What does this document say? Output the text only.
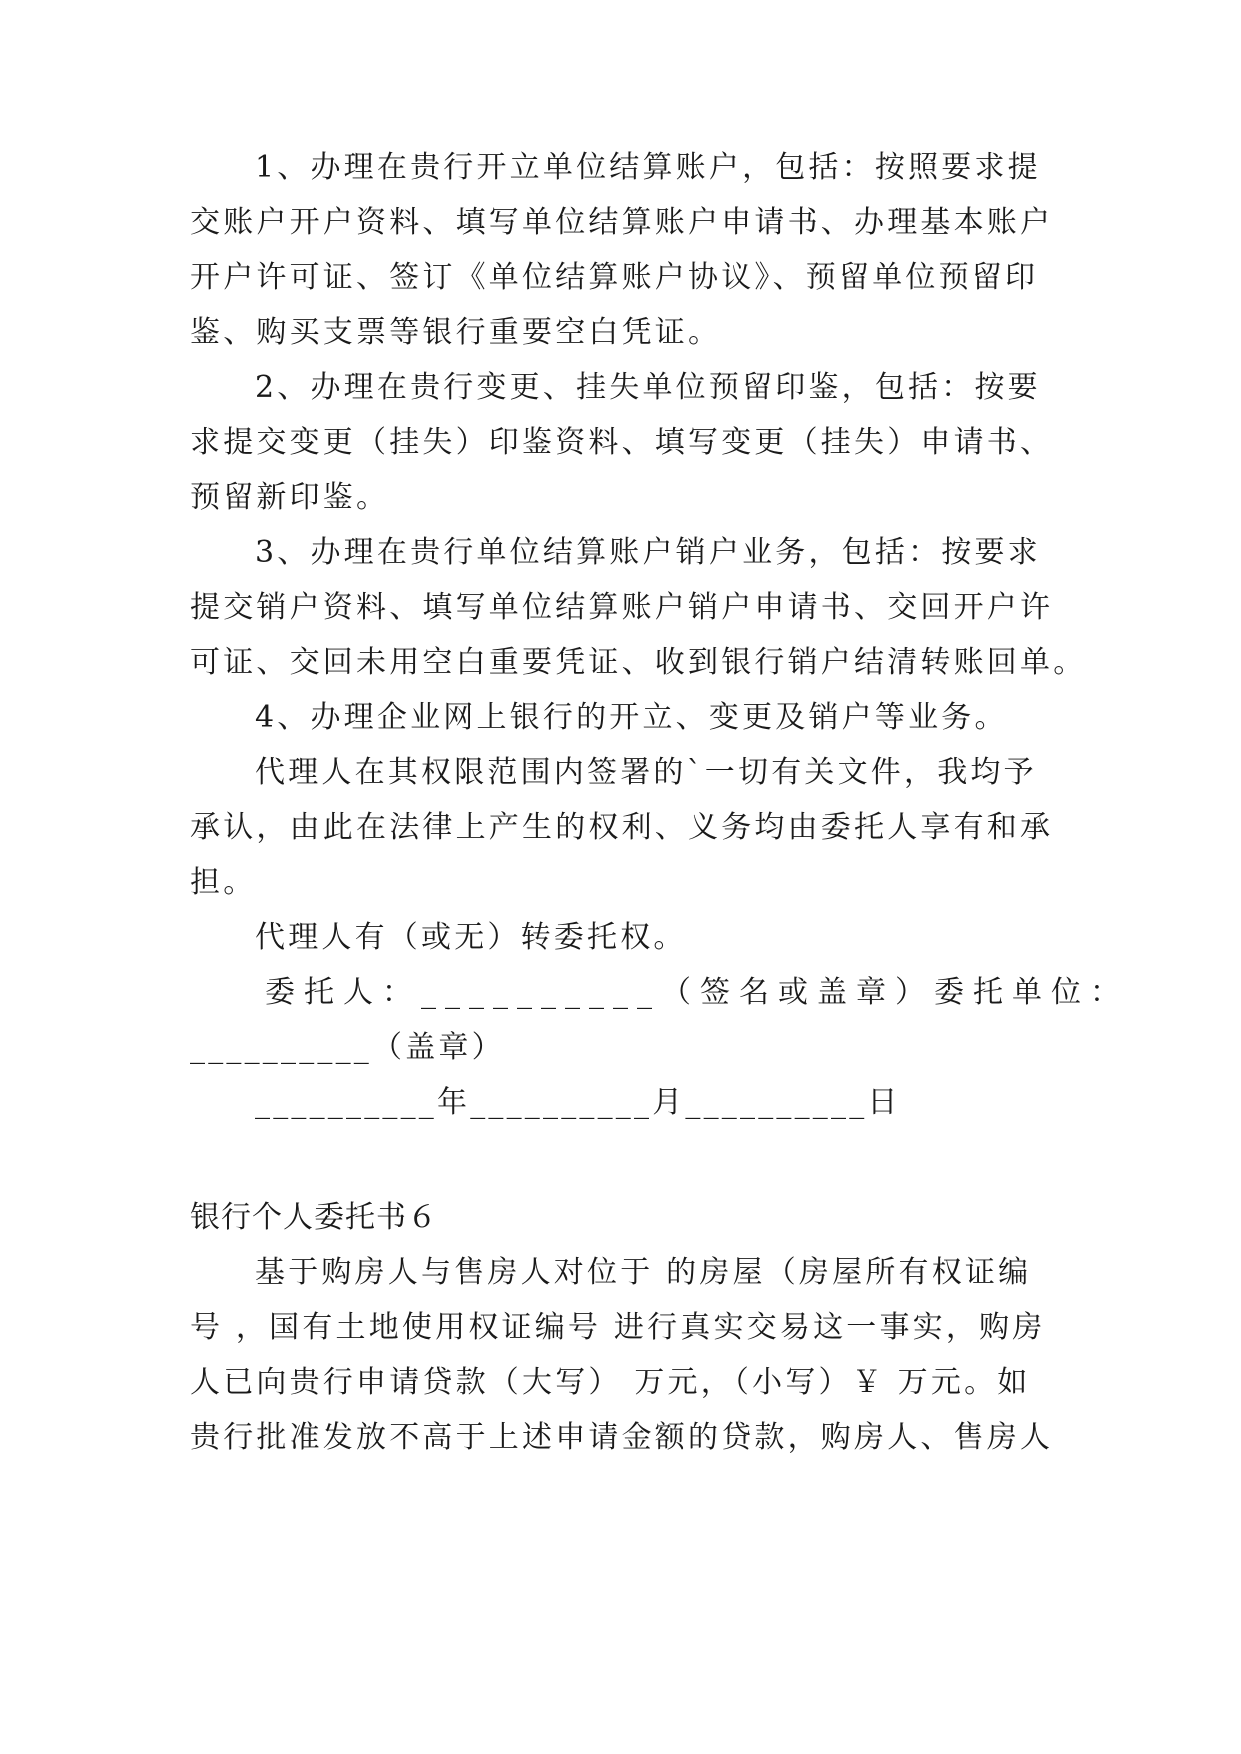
1、办理在贵行开立单位结算账户，包括：按照要求提
交账户开户资料、填写单位结算账户申请书、办理基本账户
开户许可证、签订《单位结算账户协议》、预留单位预留印
鉴、购买支票等银行重要空白凭证。
2、办理在贵行变更、挂失单位预留印鉴，包括：按要
求提交变更（挂失）印鉴资料、填写变更（挂失）申请书、
预留新印鉴。
3、办理在贵行单位结算账户销户业务，包括：按要求
提交销户资料、填写单位结算账户销户申请书、交回开户许
可证、交回未用空白重要凭证、收到银行销户结清转账回单。
4、办理企业网上银行的开立、变更及销户等业务。
代理人在其权限范围内签署的`一切有关文件，我均予
承认，由此在法律上产生的权利、义务均由委托人享有和承
担。
代理人有（或无）转委托权。
委托人：__________（签名或盖章）委托单位：
__________（盖章）
__________年__________月__________日
银行个人委托书６
基于购房人与售房人对位于 的房屋（房屋所有权证编
号 ，国有土地使用权证编号 进行真实交易这一事实，购房
人已向贵行申请贷款（大写） 万元，（小写）￥ 万元。如
贵行批准发放不高于上述申请金额的贷款，购房人、售房人
